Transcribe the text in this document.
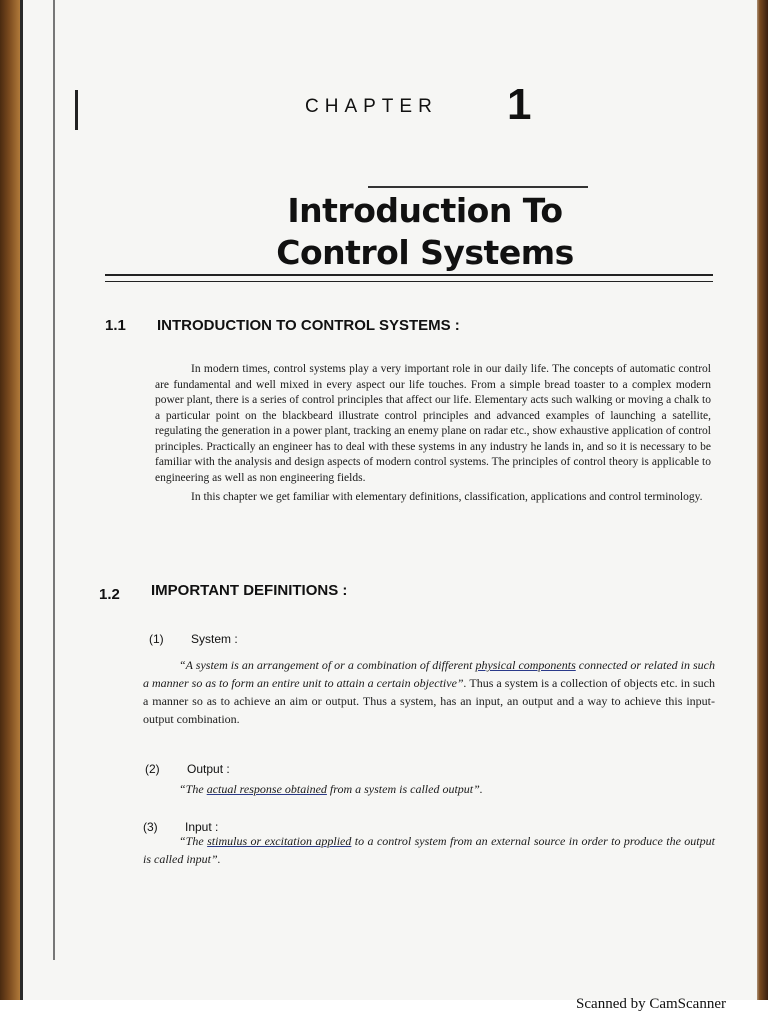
CHAPTER 1
Introduction To
Control Systems
1.1 INTRODUCTION TO CONTROL SYSTEMS :

In modern times, control systems play a very important role in our daily life. The concepts of automatic control are fundamental and well mixed in every aspect our life touches. From a simple bread toaster to a complex modern power plant, there is a series of control principles that affect our life. Elementary acts such walking or moving a chalk to a particular point on the blackbeard illustrate control principles and advanced examples of launching a satellite, regulating the generation in a power plant, tracking an enemy plane on radar etc., show exhaustive application of control principles. Practically an engineer has to deal with these systems in any industry he lands in, and so it is necessary to be familiar with the analysis and design aspects of modern control systems. The principles of control theory is applicable to engineering as well as non engineering fields.

In this chapter we get familiar with elementary definitions, classification, applications and control terminology.

1.2 IMPORTANT DEFINITIONS :
(1) System :
“A system is an arrangement of or a combination of different physical components connected or related in such a manner so as to form an entire unit to attain a certain objective”. Thus a system is a collection of objects etc. in such a manner so as to achieve an aim or output. Thus a system, has an input, an output and a way to achieve this input-output combination.
(2) Output :
“The actual response obtained from a system is called output”.
(3) Input :
“The stimulus or excitation applied to a control system from an external source in order to produce the output is called input”.
Scanned by CamScanner
